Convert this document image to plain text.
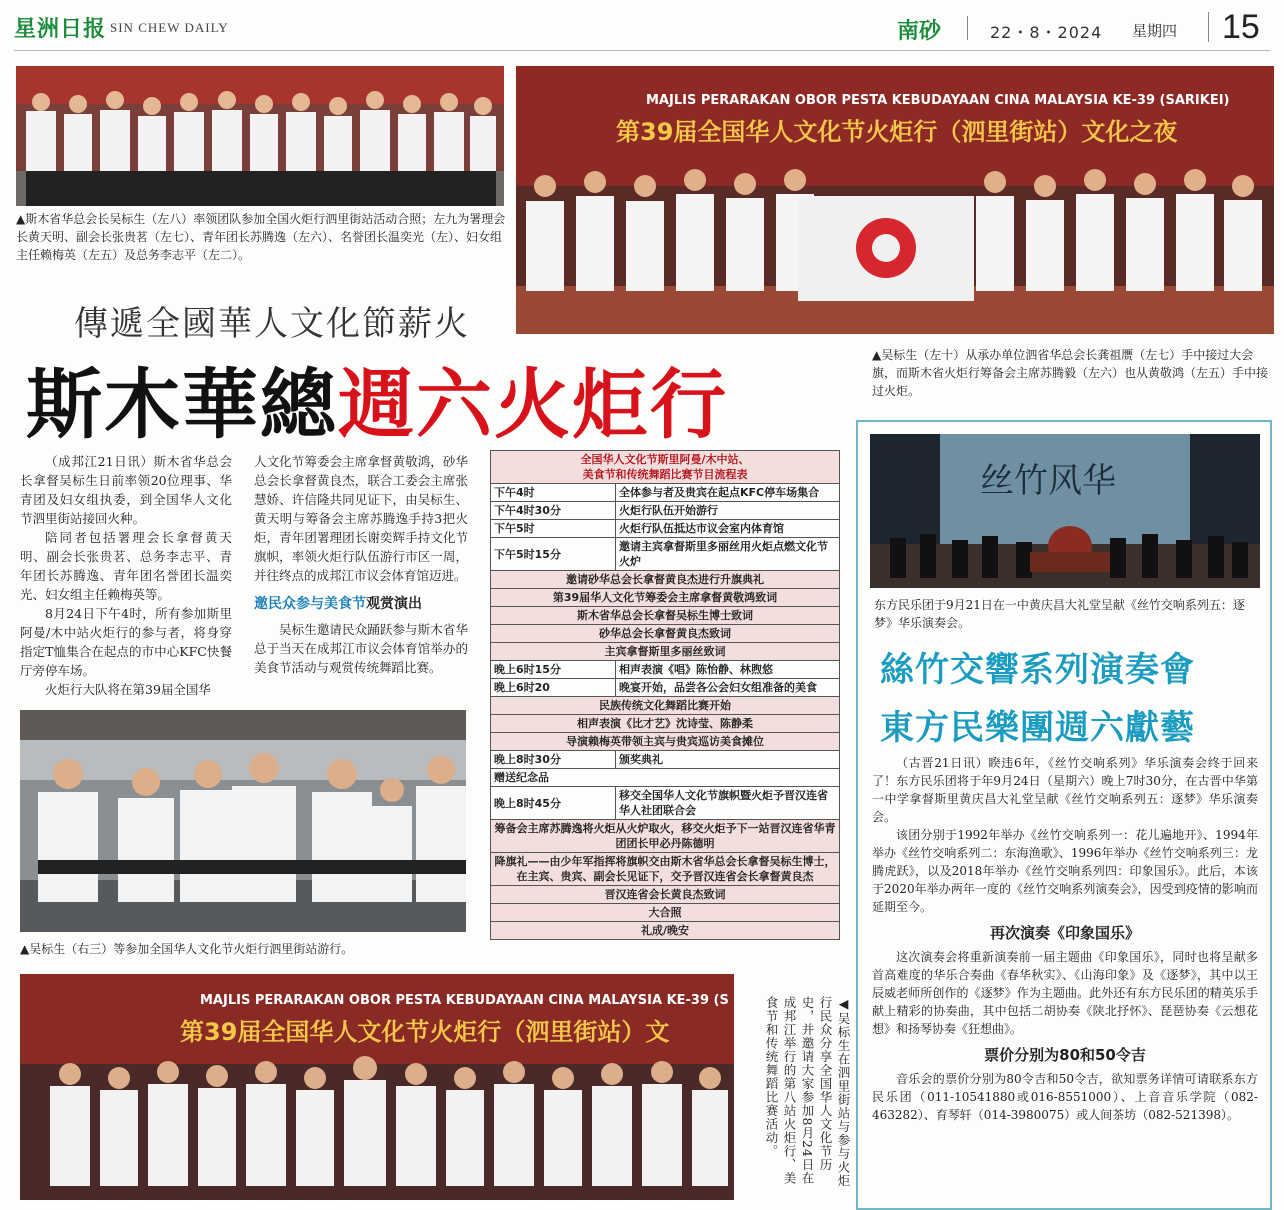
星洲日报 SIN CHEW DAILY	南砂	22・8・2024 星期四 15
▲斯木省华总会长吴标生（左八）率领团队参加全国火炬行泗里街站活动合照；左九为署理会长黄天明、副会长张贵茗（左七）、青年团长苏腾逸（左六）、名誉团长温奕光（左）、妇女组主任赖梅英（左五）及总务李志平（左二）。
MAJLIS PERARAKAN OBOR PESTA KEBUDAYAAN CINA MALAYSIA KE-39 (SARIKEI)
第39届全国华人文化节火炬行（泗里街站）文化之夜
▲吴标生（左十）从承办单位泗省华总会长龚祖赝（左七）手中接过大会旗，而斯木省火炬行筹备会主席苏腾毅（左六）也从黄敬鸿（左五）手中接过火炬。
傳遞全國華人文化節薪火
斯木華總週六火炬行
（成邦江21日讯）斯木省华总会长拿督吴标生日前率领20位理事、华青团及妇女组执委，到全国华人文化节泗里街站接回火种。
陪同者包括署理会长拿督黄天明、副会长张贵茗、总务李志平、青年团长苏腾逸、青年团名誉团长温奕光、妇女组主任赖梅英等。
8月24日下午4时，所有参加斯里阿曼/木中站火炬行的参与者，将身穿指定T恤集合在起点的市中心KFC快餐厅旁停车场。
火炬行大队将在第39届全国华
人文化节筹委会主席拿督黄敬鸿，砂华总会长拿督黄良杰，联合工委会主席张慧娇、许信隆共同见证下，由吴标生、黄天明与筹备会主席苏腾逸手持3把火炬，青年团署理团长谢奕辉手持文化节旗帜，率领火炬行队伍游行市区一周，并往终点的成邦江市议会体育馆迈进。
邀民众参与美食节观赏演出
吴标生邀请民众踊跃参与斯木省华总于当天在成邦江市议会体育馆举办的美食节活动与观赏传统舞蹈比赛。
▲吴标生（右三）等参加全国华人文化节火炬行泗里街站游行。
全国华人文化节斯里阿曼/木中站、
美食节和传统舞蹈比赛节目流程表	
下午4时	全体参与者及贵宾在起点KFC停车场集合
下午4时30分	火炬行队伍开始游行
下午5时	火炬行队伍抵达市议会室内体育馆
下午5时15分	邀请主宾拿督斯里多丽丝用火炬点燃文化节火炉
邀请砂华总会长拿督黄良杰进行升旗典礼	
第39届华人文化节筹委会主席拿督黄敬鸿致词	
斯木省华总会长拿督吴标生博士致词	
砂华总会长拿督黄良杰致词	
主宾拿督斯里多丽丝致词	
晚上6时15分	相声表演《唱》陈怡静、林煦悠
晚上6时20	晚宴开始，品尝各公会妇女组准备的美食
民族传统文化舞蹈比赛开始	
相声表演《比才艺》沈诗莹、陈静柔	
导演赖梅英带领主宾与贵宾巡访美食摊位	
晚上8时30分	颁奖典礼
赠送纪念品	
晚上8时45分	移交全国华人文化节旗帜暨火炬予晋汉连省华人社团联合会
筹备会主席苏腾逸将火炬从火炉取火，移交火炬予下一站晋汉连省华青团团长甲必丹陈德明	
降旗礼——由少年军指挥将旗帜交由斯木省华总会长拿督吴标生博士，在主宾、贵宾、副会长见证下，交予晋汉连省会长拿督黄良杰	
晋汉连省会长黄良杰致词	
大合照	
礼成/晚安	
MAJLIS PERARAKAN OBOR PESTA KEBUDAYAAN CINA MALAYSIA KE-39 (S
第39届全国华人文化节火炬行（泗里街站）文	◀吴标生在泗里街站与参与火炬行民众分享全国华人文化节历史，并邀请大家参加8月24日在成邦江举行的第八站火炬行、美食节和传统舞蹈比赛活动。
丝竹风华
东方民乐团于9月21日在一中黄庆昌大礼堂呈献《丝竹交响系列五：逐梦》华乐演奏会。
絲竹交響系列演奏會
東方民樂團週六獻藝
（古晋21日讯）睽违6年，《丝竹交响系列》华乐演奏会终于回来了！东方民乐团将于年9月24日（星期六）晚上7时30分，在古晋中华第一中学拿督斯里黄庆昌大礼堂呈献《丝竹交响系列五：逐梦》华乐演奏会。
该团分别于1992年举办《丝竹交响系列一：花儿遍地开》、1994年举办《丝竹交响系列二：东海渔歌》、1996年举办《丝竹交响系列三：龙腾虎跃》，以及2018年举办《丝竹交响系列四：印象国乐》。此后，本该于2020年举办两年一度的《丝竹交响系列演奏会》，因受到疫情的影响而延期至今。
再次演奏《印象国乐》
这次演奏会将重新演奏前一届主题曲《印象国乐》，同时也将呈献多首高难度的华乐合奏曲《春华秋实》、《山海印象》及《逐梦》，其中以王辰威老师所创作的《逐梦》作为主题曲。此外还有东方民乐团的精英乐手献上精彩的协奏曲，其中包括二胡协奏《陕北抒怀》、琵琶协奏《云想花想》和扬琴协奏《狂想曲》。
票价分别为80和50令吉
音乐会的票价分别为80令吉和50令吉，欲知票务详情可请联系东方民乐团（011-10541880或016-8551000）、上音音乐学院（082-463282）、育琴轩（014-3980075）或人间茶坊（082-521398）。
